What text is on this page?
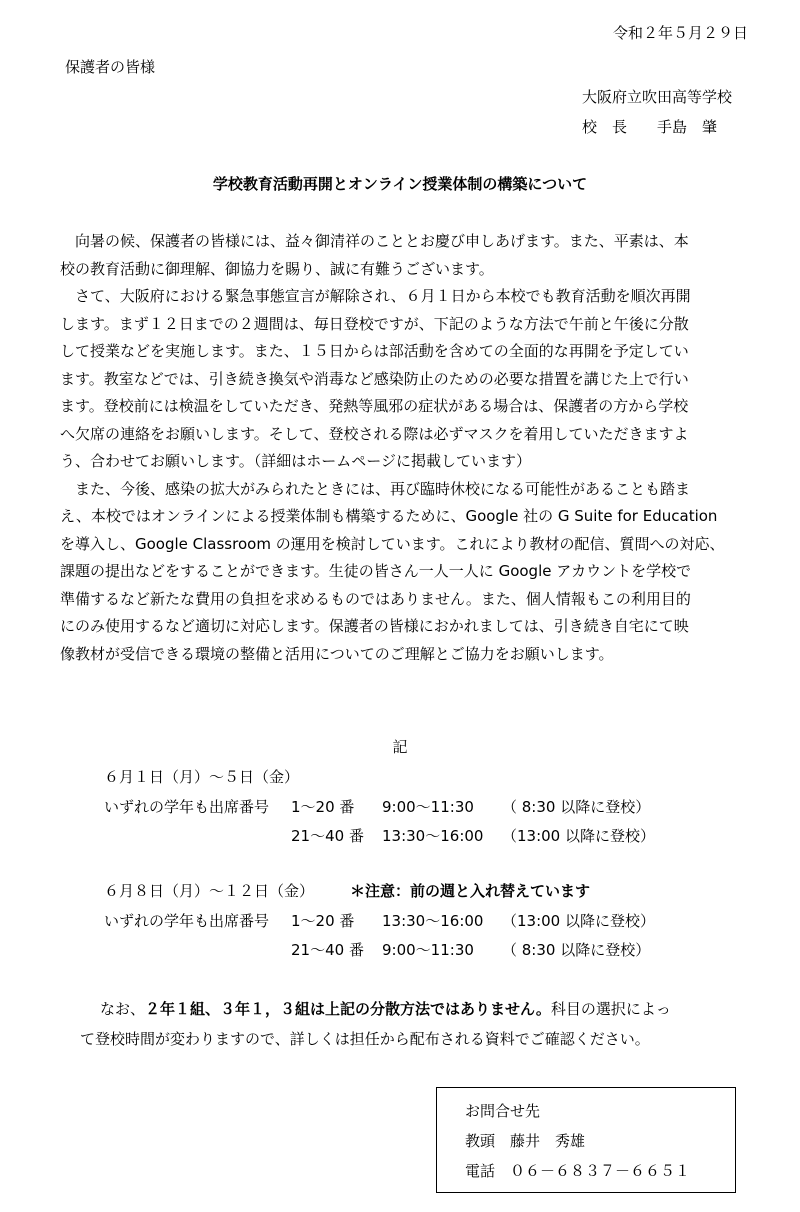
令和２年５月２９日
保護者の皆様
大阪府立吹田高等学校
校　長 手島　肇
学校教育活動再開とオンライン授業体制の構築について
向暑の候、保護者の皆様には、益々御清祥のこととお慶び申しあげます。また、平素は、本
校の教育活動に御理解、御協力を賜り、誠に有難うございます。
さて、大阪府における緊急事態宣言が解除され、６月１日から本校でも教育活動を順次再開
します。まず１２日までの２週間は、毎日登校ですが、下記のような方法で午前と午後に分散
して授業などを実施します。また、１５日からは部活動を含めての全面的な再開を予定してい
ます。教室などでは、引き続き換気や消毒など感染防止のための必要な措置を講じた上で行い
ます。登校前には検温をしていただき、発熱等風邪の症状がある場合は、保護者の方から学校
へ欠席の連絡をお願いします。そして、登校される際は必ずマスクを着用していただきますよ
う、合わせてお願いします。（詳細はホームページに掲載しています）
また、今後、感染の拡大がみられたときには、再び臨時休校になる可能性があることも踏ま
え、本校ではオンラインによる授業体制も構築するために、Google 社の G Suite for Education
を導入し、Google Classroom の運用を検討しています。これにより教材の配信、質問への対応、
課題の提出などをすることができます。生徒の皆さん一人一人に Google アカウントを学校で
準備するなど新たな費用の負担を求めるものではありません。また、個人情報もこの利用目的
にのみ使用するなど適切に対応します。保護者の皆様におかれましては、引き続き自宅にて映
像教材が受信できる環境の整備と活用についてのご理解とご協力をお願いします。
記
６月１日（月）～５日（金）
いずれの学年も出席番号 1～20 番 9:00～11:30 （ 8:30 以降に登校）
21～40 番 13:30～16:00 （13:00 以降に登校）
６月８日（月）～１２日（金） ＊注意：前の週と入れ替えています
いずれの学年も出席番号 1～20 番 13:30～16:00 （13:00 以降に登校）
21～40 番 9:00～11:30 （ 8:30 以降に登校）
なお、２年１組、３年１，３組は上記の分散方法ではありません。科目の選択によっ
て登校時間が変わりますので、詳しくは担任から配布される資料でご確認ください。
お問合せ先
教頭　藤井　秀雄
電話　０６－６８３７－６６５１
